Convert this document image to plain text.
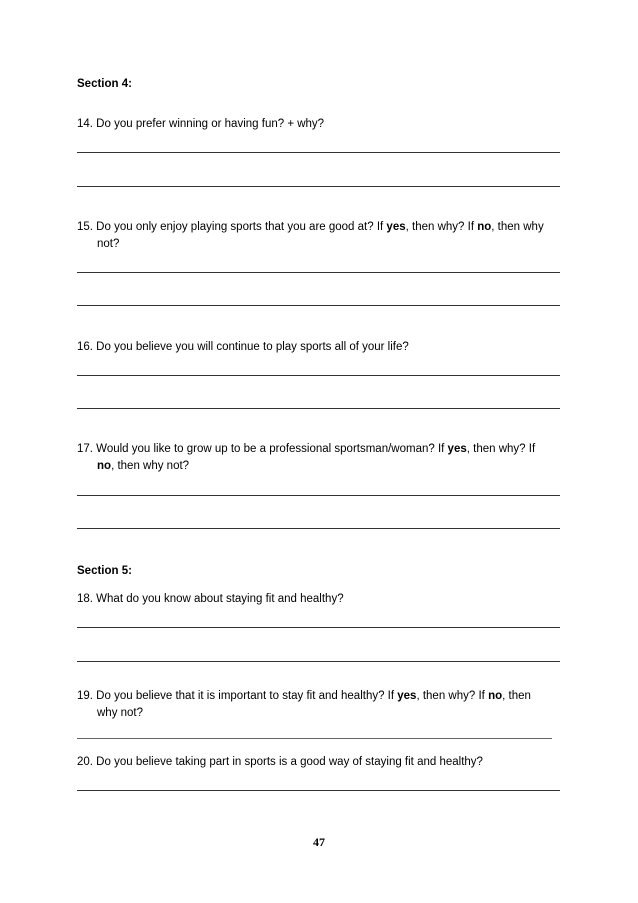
Section 4:
14. Do you prefer winning or having fun? + why?
15. Do you only enjoy playing sports that you are good at? If yes, then why? If no, then why
not?
16. Do you believe you will continue to play sports all of your life?
17. Would you like to grow up to be a professional sportsman/woman? If yes, then why? If
no, then why not?
Section 5:
18. What do you know about staying fit and healthy?
19. Do you believe that it is important to stay fit and healthy? If yes, then why? If no, then
why not?
20. Do you believe taking part in sports is a good way of staying fit and healthy?
47
